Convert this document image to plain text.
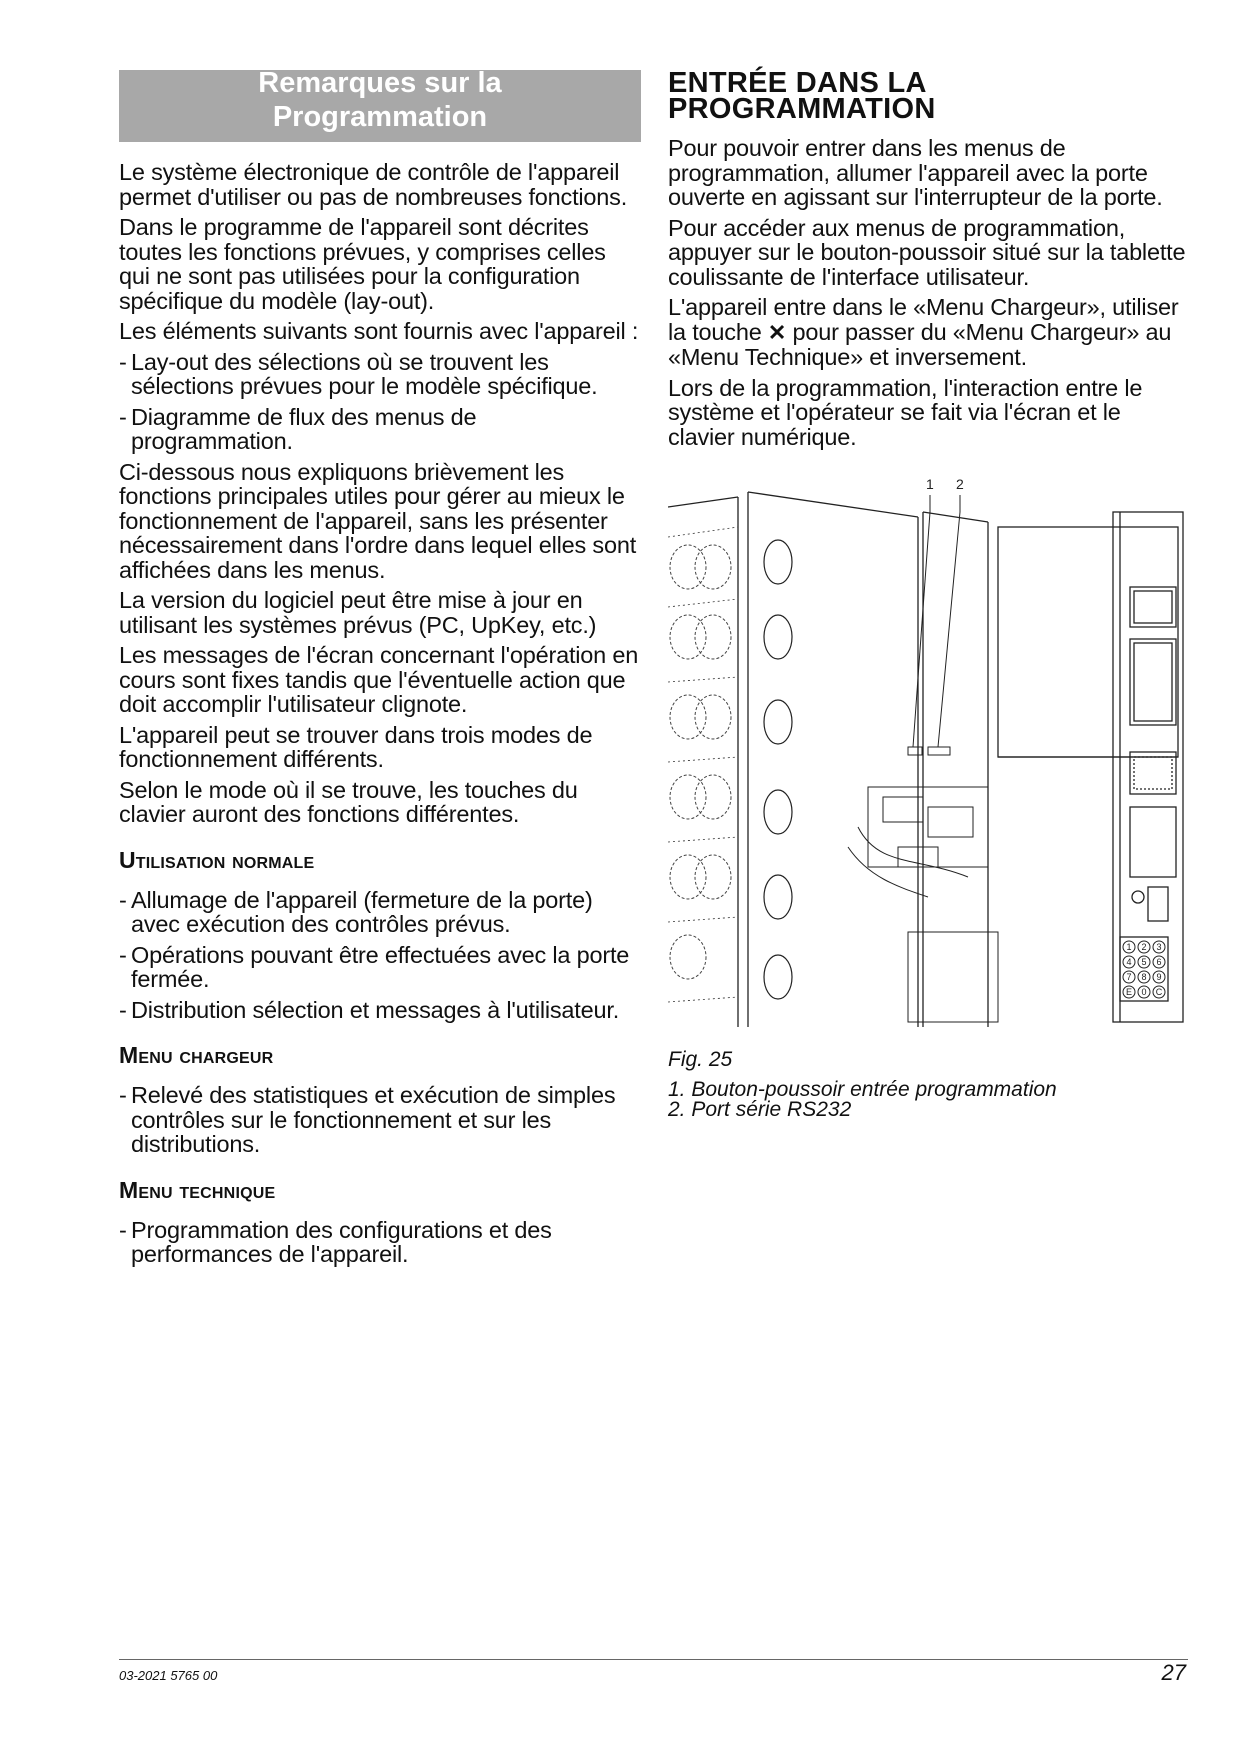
Remarques sur la
Programmation

Le système électronique de contrôle de l'appareil permet d'utiliser ou pas de nombreuses fonctions.

Dans le programme de l'appareil sont décrites toutes les fonctions prévues, y comprises celles qui ne sont pas utilisées pour la configuration spécifique du modèle (lay-out).

Les éléments suivants sont fournis avec l'appareil :

- Lay-out des sélections où se trouvent les sélections prévues pour le modèle spécifique.
- Diagramme de flux des menus de programmation.

Ci-dessous nous expliquons brièvement les fonctions principales utiles pour gérer au mieux le fonctionnement de l'appareil, sans les présenter nécessairement dans l'ordre dans lequel elles sont affichées dans les menus.

La version du logiciel peut être mise à jour en utilisant les systèmes prévus (PC, UpKey, etc.)

Les messages de l'écran concernant l'opération en cours sont fixes tandis que l'éventuelle action que doit accomplir l'utilisateur clignote.

L'appareil peut se trouver dans trois modes de fonctionnement différents.

Selon le mode où il se trouve, les touches du clavier auront des fonctions différentes.

Utilisation normale
- Allumage de l'appareil (fermeture de la porte) avec exécution des contrôles prévus.
- Opérations pouvant être effectuées avec la porte fermée.
- Distribution sélection et messages à l'utilisateur.
Menu chargeur
- Relevé des statistiques et exécution de simples contrôles sur le fonctionnement et sur les distributions.
Menu technique
- Programmation des configurations et des performances de l'appareil.
ENTRÉE DANS LA
PROGRAMMATION

Pour pouvoir entrer dans les menus de programmation, allumer l'appareil avec la porte ouverte en agissant sur l'interrupteur de la porte.

Pour accéder aux menus de programmation, appuyer sur le bouton-poussoir situé sur la tablette coulissante de l'interface utilisateur.

L'appareil entre dans le «Menu Chargeur», utiliser la touche ✕ pour passer du «Menu Chargeur» au «Menu Technique» et inversement.

Lors de la programmation, l'interaction entre le système et l'opérateur se fait via l'écran et le clavier numérique.

1 2
1 2 3
4 5 6
7 8 9
E 0 C
Fig. 25
1. Bouton-poussoir entrée programmation
2. Port série RS232
03-2021 5765 00	27
